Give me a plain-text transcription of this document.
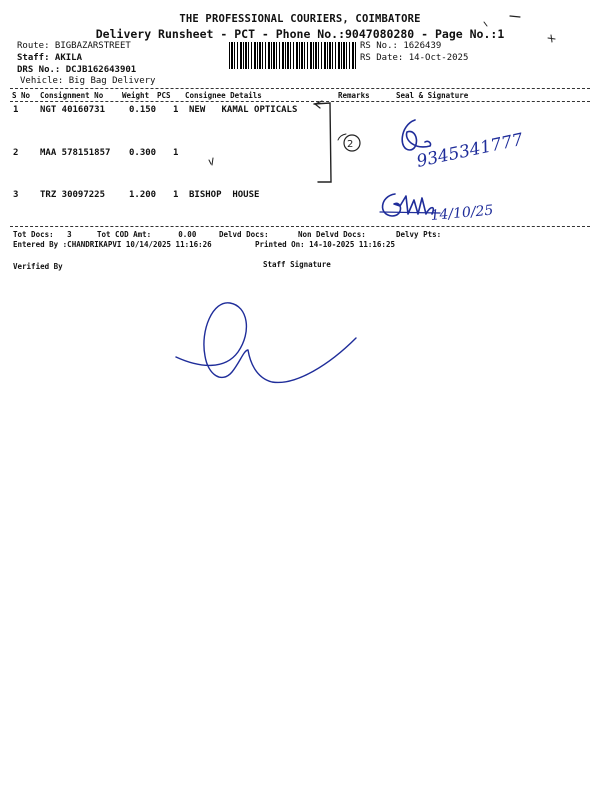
THE PROFESSIONAL COURIERS, COIMBATORE
Delivery Runsheet - PCT - Phone No.:9047080280 - Page No.:1
Route: BIGBAZARSTREET
Staff: AKILA
DRS No.: DCJB162643901
Vehicle: Big Bag Delivery
RS No.: 1626439
RS Date: 14-Oct-2025
S No Consignment No	Weight PCS Consignee Details	Remarks	Seal & Signature
1 NGT 40160731	0.150 1 NEW   KAMAL OPTICALS
2 MAA 578151857 0.300 1
3 TRZ 30097225	1.200 1 BISHOP  HOUSE
Tot Docs:   3	Tot COD Amt:      0.00	Delvd Docs:	Non Delvd Docs:	Delvy Pts:
Entered By :CHANDRIKAPVI 10/14/2025 11:16:26	Printed On: 14-10-2025 11:16:25
Verified By	Staff Signature
2	9345341777
14/10/25
